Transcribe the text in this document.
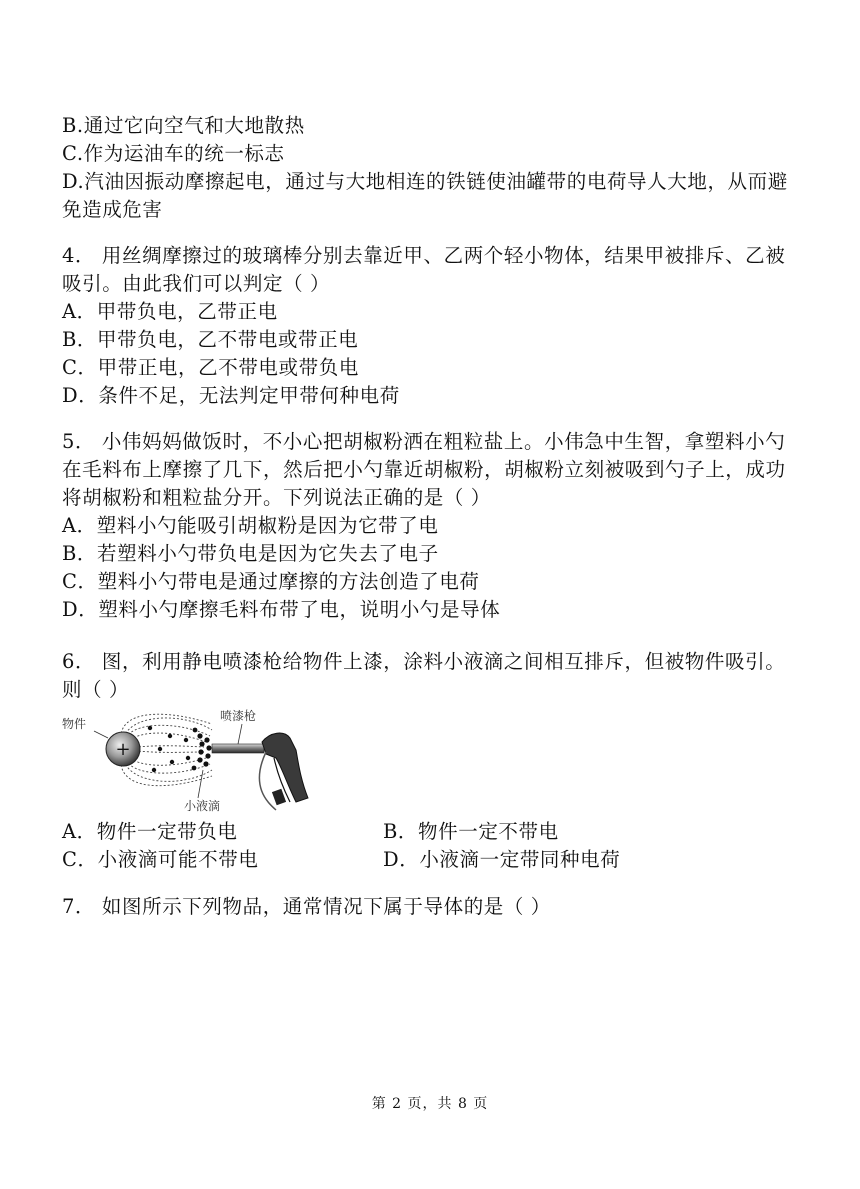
B.通过它向空气和大地散热
C.作为运油车的统一标志
D.汽油因振动摩擦起电，通过与大地相连的铁链使油罐带的电荷导人大地，从而避
免造成危害
4． 用丝绸摩擦过的玻璃棒分别去靠近甲、乙两个轻小物体，结果甲被排斥、乙被
吸引。由此我们可以判定（ ）
A．甲带负电，乙带正电
B．甲带负电，乙不带电或带正电
C．甲带正电，乙不带电或带负电
D．条件不足，无法判定甲带何种电荷
5． 小伟妈妈做饭时，不小心把胡椒粉洒在粗粒盐上。小伟急中生智，拿塑料小勺
在毛料布上摩擦了几下，然后把小勺靠近胡椒粉，胡椒粉立刻被吸到勺子上，成功
将胡椒粉和粗粒盐分开。下列说法正确的是（ ）
A．塑料小勺能吸引胡椒粉是因为它带了电
B．若塑料小勺带负电是因为它失去了电子
C．塑料小勺带电是通过摩擦的方法创造了电荷
D．塑料小勺摩擦毛料布带了电，说明小勺是导体
6． 图，利用静电喷漆枪给物件上漆，涂料小液滴之间相互排斥，但被物件吸引。
则（ ）
+
物件
喷漆枪
小液滴
A．物件一定带负电	B．物件一定不带电
C．小液滴可能不带电	D．小液滴一定带同种电荷
7． 如图所示下列物品，通常情况下属于导体的是（ ）
第 2 页，共 8 页
